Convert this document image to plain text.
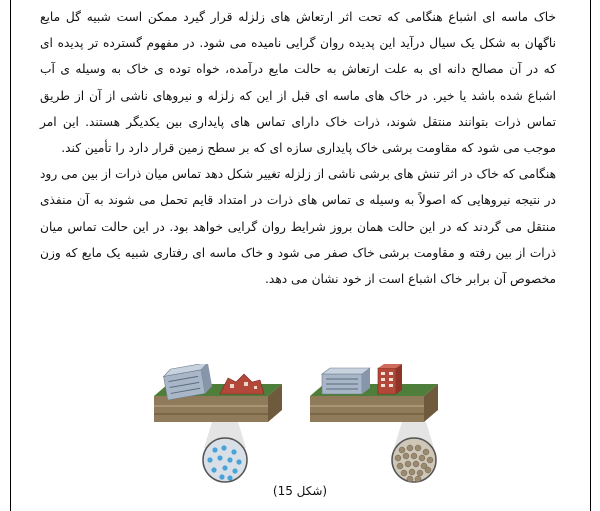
خاک ماسه ای اشباع هنگامی که تحت اثر ارتعاش های زلزله قرار گیرد ممکن است شبیه گل مایع ناگهان به شکل یک سیال درآید این پدیده روان گرایی نامیده می شود. در مفهوم گسترده تر پدیده ای که در آن مصالح دانه ای به علت ارتعاش به حالت مایع درآمده، خواه توده ی خاک به وسیله ی آب اشباع شده باشد یا خیر. در خاک های ماسه ای قبل از این که زلزله و نیروهای ناشی از آن از طریق تماس ذرات بتوانند منتقل شوند، ذرات خاک دارای تماس های پایداری بین یکدیگر هستند. این امر موجب می شود که مقاومت برشی خاک پایداری سازه ای که بر سطح زمین قرار دارد را تأمین کند.

هنگامی که خاک در اثر تنش های برشی ناشی از زلزله تغییر شکل دهد تماس میان ذرات از بین می رود در نتیجه نیروهایی که اصولاً به وسیله ی تماس های ذرات در امتداد قایم تحمل می شوند به آن منفذی منتقل می گردند که در این حالت همان بروز شرایط روان گرایی خواهد بود. در این حالت تماس میان ذرات از بین رفته و مقاومت برشی خاک صفر می شود و خاک ماسه ای رفتاری شبیه یک مایع که وزن مخصوص آن برابر خاک اشباع است از خود نشان می دهد.

(شکل 15)
